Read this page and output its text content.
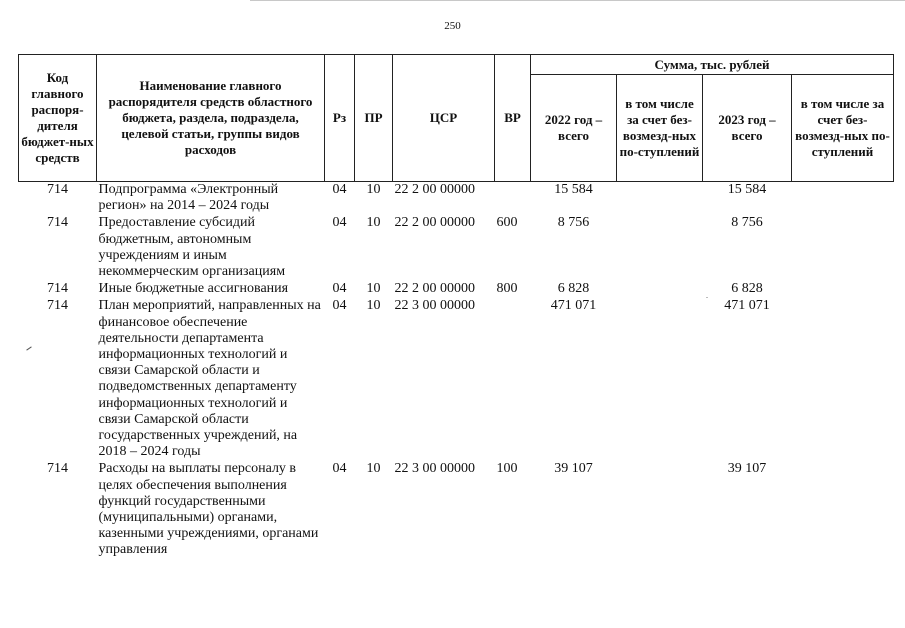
250
Код главного распоря-дителя бюджет-ных средств	Наименование главного распорядителя средств областного бюджета, раздела, подраздела, целевой статьи, группы видов расходов	Рз	ПР	ЦСР	ВР	Сумма, тыс. рублей			
						2022 год – всего	в том числе за счет без-возмезд-ных по-ступлений	2023 год – всего	в том числе за счет без-возмезд-ных по-ступлений
714	Подпрограмма «Электронный регион» на 2014 – 2024 годы	04	10	22 2 00 00000		15 584		15 584	
714	Предоставление субсидий бюджетным, автономным учреждениям и иным некоммерческим организациям	04	10	22 2 00 00000	600	8 756		8 756	
714	Иные бюджетные ассигнования	04	10	22 2 00 00000	800	6 828		6 828	
714	План мероприятий, направленных на финансовое обеспечение деятельности департамента информационных технологий и связи Самарской области и подведомственных департаменту информационных технологий и связи Самарской области государственных учреждений, на 2018 – 2024 годы	04	10	22 3 00 00000		471 071		471 071	
714	Расходы на выплаты персоналу в целях обеспечения выполнения функций государственными (муниципальными) органами, казенными учреждениями, органами управления	04	10	22 3 00 00000	100	39 107		39 107	
